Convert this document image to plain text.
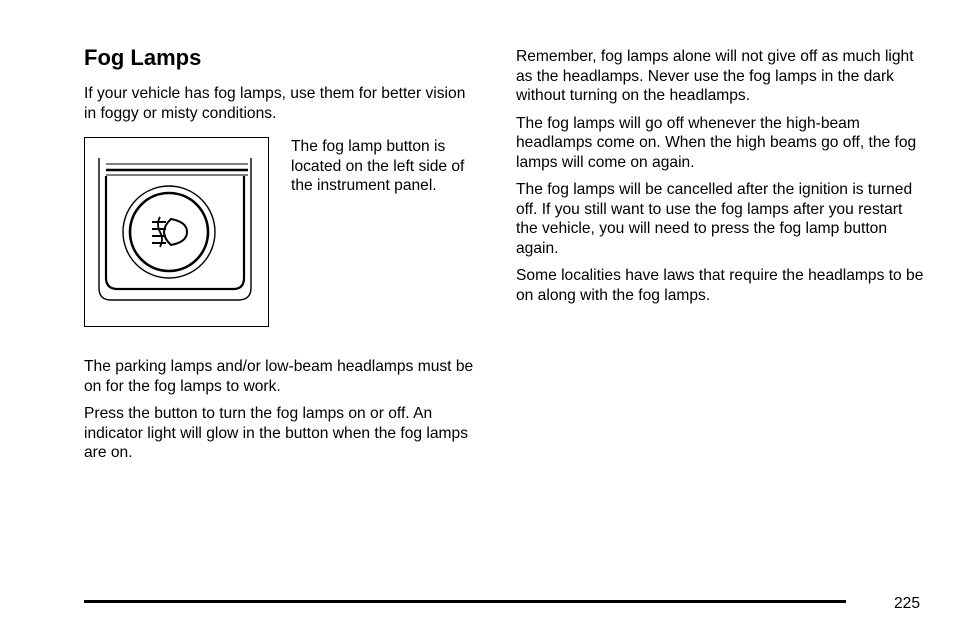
Fog Lamps

If your vehicle has fog lamps, use them for better vision in foggy or misty conditions.

The fog lamp button is located on the left side of the instrument panel.

The parking lamps and/or low-beam headlamps must be on for the fog lamps to work.

Press the button to turn the fog lamps on or off. An indicator light will glow in the button when the fog lamps are on.

Remember, fog lamps alone will not give off as much light as the headlamps. Never use the fog lamps in the dark without turning on the headlamps.

The fog lamps will go off whenever the high-beam headlamps come on. When the high beams go off, the fog lamps will come on again.

The fog lamps will be cancelled after the ignition is turned off. If you still want to use the fog lamps after you restart the vehicle, you will need to press the fog lamp button again.

Some localities have laws that require the headlamps to be on along with the fog lamps.

225
